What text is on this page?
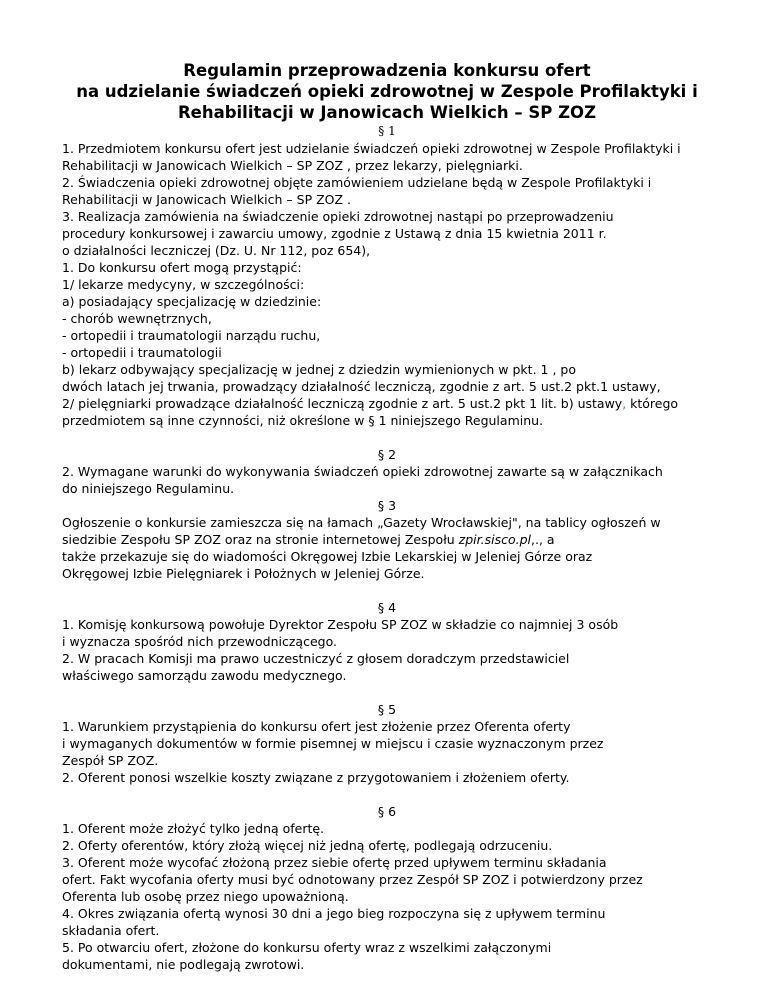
Regulamin przeprowadzenia konkursu ofert
na udzielanie świadczeń opieki zdrowotnej w Zespole Profilaktyki i
Rehabilitacji w Janowicach Wielkich – SP ZOZ
§ 1
1. Przedmiotem konkursu ofert jest udzielanie świadczeń opieki zdrowotnej w Zespole Profilaktyki i
Rehabilitacji w Janowicach Wielkich – SP ZOZ , przez lekarzy, pielęgniarki.
2. Świadczenia opieki zdrowotnej objęte zamówieniem udzielane będą w Zespole Profilaktyki i
Rehabilitacji w Janowicach Wielkich – SP ZOZ .
3. Realizacja zamówienia na świadczenie opieki zdrowotnej nastąpi po przeprowadzeniu
procedury konkursowej i zawarciu umowy, zgodnie z Ustawą z dnia 15 kwietnia 2011 r.
o działalności leczniczej (Dz. U. Nr 112, poz 654),
1. Do konkursu ofert mogą przystąpić:
1/ lekarze medycyny, w szczególności:
a) posiadający specjalizację w dziedzinie:
- chorób wewnętrznych,
- ortopedii i traumatologii narządu ruchu,
- ortopedii i traumatologii
b) lekarz odbywający specjalizację w jednej z dziedzin wymienionych w pkt. 1 , po
dwóch latach jej trwania, prowadzący działalność leczniczą, zgodnie z art. 5 ust.2 pkt.1 ustawy,
2/ pielęgniarki prowadzące działalność leczniczą zgodnie z art. 5 ust.2 pkt 1 lit. b) ustawy, którego
przedmiotem są inne czynności, niż określone w § 1 niniejszego Regulaminu.
§ 2
2. Wymagane warunki do wykonywania świadczeń opieki zdrowotnej zawarte są w załącznikach
do niniejszego Regulaminu.
§ 3
Ogłoszenie o konkursie zamieszcza się na łamach „Gazety Wrocławskiej", na tablicy ogłoszeń w
siedzibie Zespołu SP ZOZ oraz na stronie internetowej Zespołu zpir.sisco.pl,., a
także przekazuje się do wiadomości Okręgowej Izbie Lekarskiej w Jeleniej Górze oraz
Okręgowej Izbie Pielęgniarek i Położnych w Jeleniej Górze.
§ 4
1. Komisję konkursową powołuje Dyrektor Zespołu SP ZOZ w składzie co najmniej 3 osób
i wyznacza spośród nich przewodniczącego.
2. W pracach Komisji ma prawo uczestniczyć z głosem doradczym przedstawiciel
właściwego samorządu zawodu medycznego.
§ 5
1. Warunkiem przystąpienia do konkursu ofert jest złożenie przez Oferenta oferty
i wymaganych dokumentów w formie pisemnej w miejscu i czasie wyznaczonym przez
Zespół SP ZOZ.
2. Oferent ponosi wszelkie koszty związane z przygotowaniem i złożeniem oferty.
§ 6
1. Oferent może złożyć tylko jedną ofertę.
2. Oferty oferentów, który złożą więcej niż jedną ofertę, podlegają odrzuceniu.
3. Oferent może wycofać złożoną przez siebie ofertę przed upływem terminu składania
ofert. Fakt wycofania oferty musi być odnotowany przez Zespół SP ZOZ i potwierdzony przez
Oferenta lub osobę przez niego upoważnioną.
4. Okres związania ofertą wynosi 30 dni a jego bieg rozpoczyna się z upływem terminu
składania ofert.
5. Po otwarciu ofert, złożone do konkursu oferty wraz z wszelkimi załączonymi
dokumentami, nie podlegają zwrotowi.
